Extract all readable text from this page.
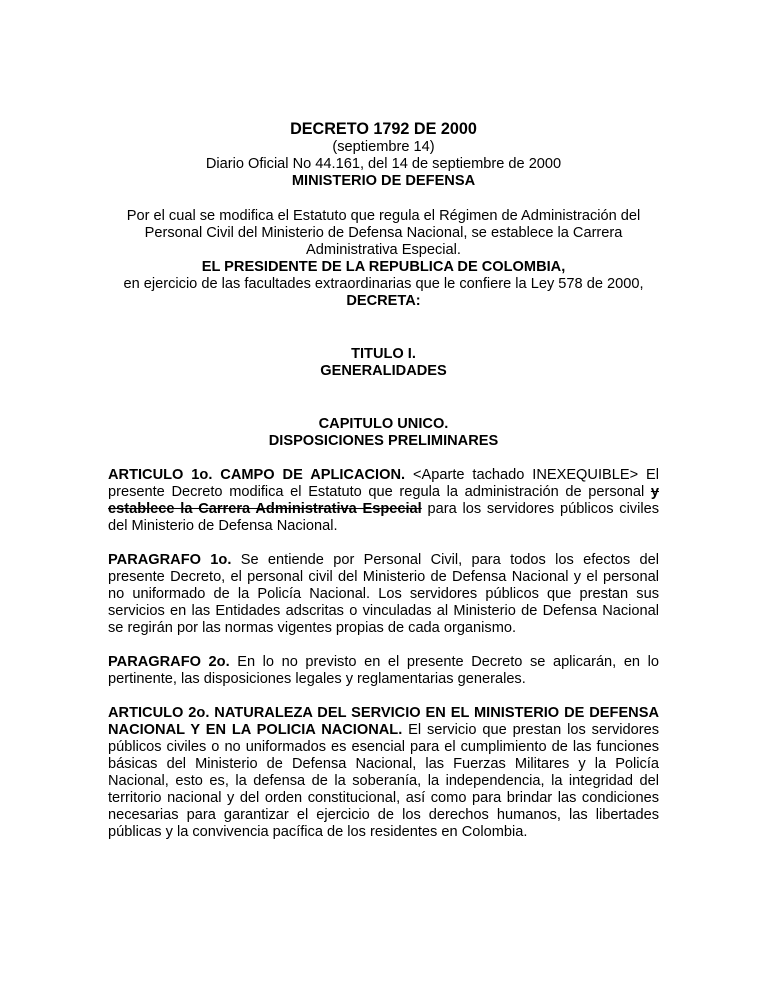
DECRETO 1792 DE 2000

(septiembre 14)

Diario Oficial No 44.161, del 14 de septiembre de 2000

MINISTERIO DE DEFENSA

Por el cual se modifica el Estatuto que regula el Régimen de Administración del
Personal Civil del Ministerio de Defensa Nacional, se establece la Carrera
Administrativa Especial.

EL PRESIDENTE DE LA REPUBLICA DE COLOMBIA,

en ejercicio de las facultades extraordinarias que le confiere la Ley 578 de 2000,

DECRETA:

TITULO I.

GENERALIDADES

CAPITULO UNICO.

DISPOSICIONES PRELIMINARES

ARTICULO 1o. CAMPO DE APLICACION. <Aparte tachado INEXEQUIBLE> El presente Decreto modifica el Estatuto que regula la administración de personal y establece la Carrera Administrativa Especial para los servidores públicos civiles del Ministerio de Defensa Nacional.

PARAGRAFO 1o. Se entiende por Personal Civil, para todos los efectos del presente Decreto, el personal civil del Ministerio de Defensa Nacional y el personal no uniformado de la Policía Nacional. Los servidores públicos que prestan sus servicios en las Entidades adscritas o vinculadas al Ministerio de Defensa Nacional se regirán por las normas vigentes propias de cada organismo.

PARAGRAFO 2o. En lo no previsto en el presente Decreto se aplicarán, en lo pertinente, las disposiciones legales y reglamentarias generales.

ARTICULO 2o. NATURALEZA DEL SERVICIO EN EL MINISTERIO DE DEFENSA NACIONAL Y EN LA POLICIA NACIONAL. El servicio que prestan los servidores públicos civiles o no uniformados es esencial para el cumplimiento de las funciones básicas del Ministerio de Defensa Nacional, las Fuerzas Militares y la Policía Nacional, esto es, la defensa de la soberanía, la independencia, la integridad del territorio nacional y del orden constitucional, así como para brindar las condiciones necesarias para garantizar el ejercicio de los derechos humanos, las libertades públicas y la convivencia pacífica de los residentes en Colombia.
